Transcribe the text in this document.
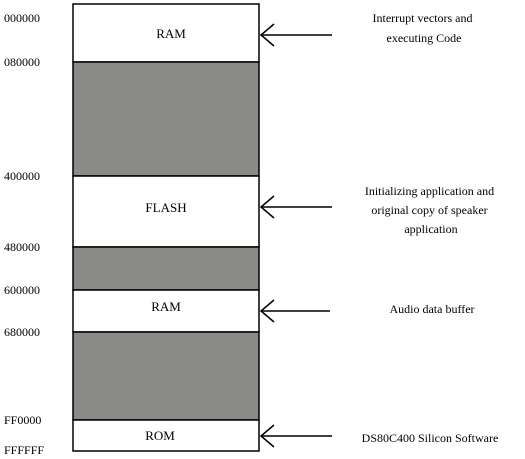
RAM
FLASH
RAM
ROM
000000
080000
400000
480000
600000
680000
FF0000
FFFFFF
Interrupt vectors and executing Code
Initializing application and original copy of speaker application
Audio data buffer
DS80C400 Silicon Software
